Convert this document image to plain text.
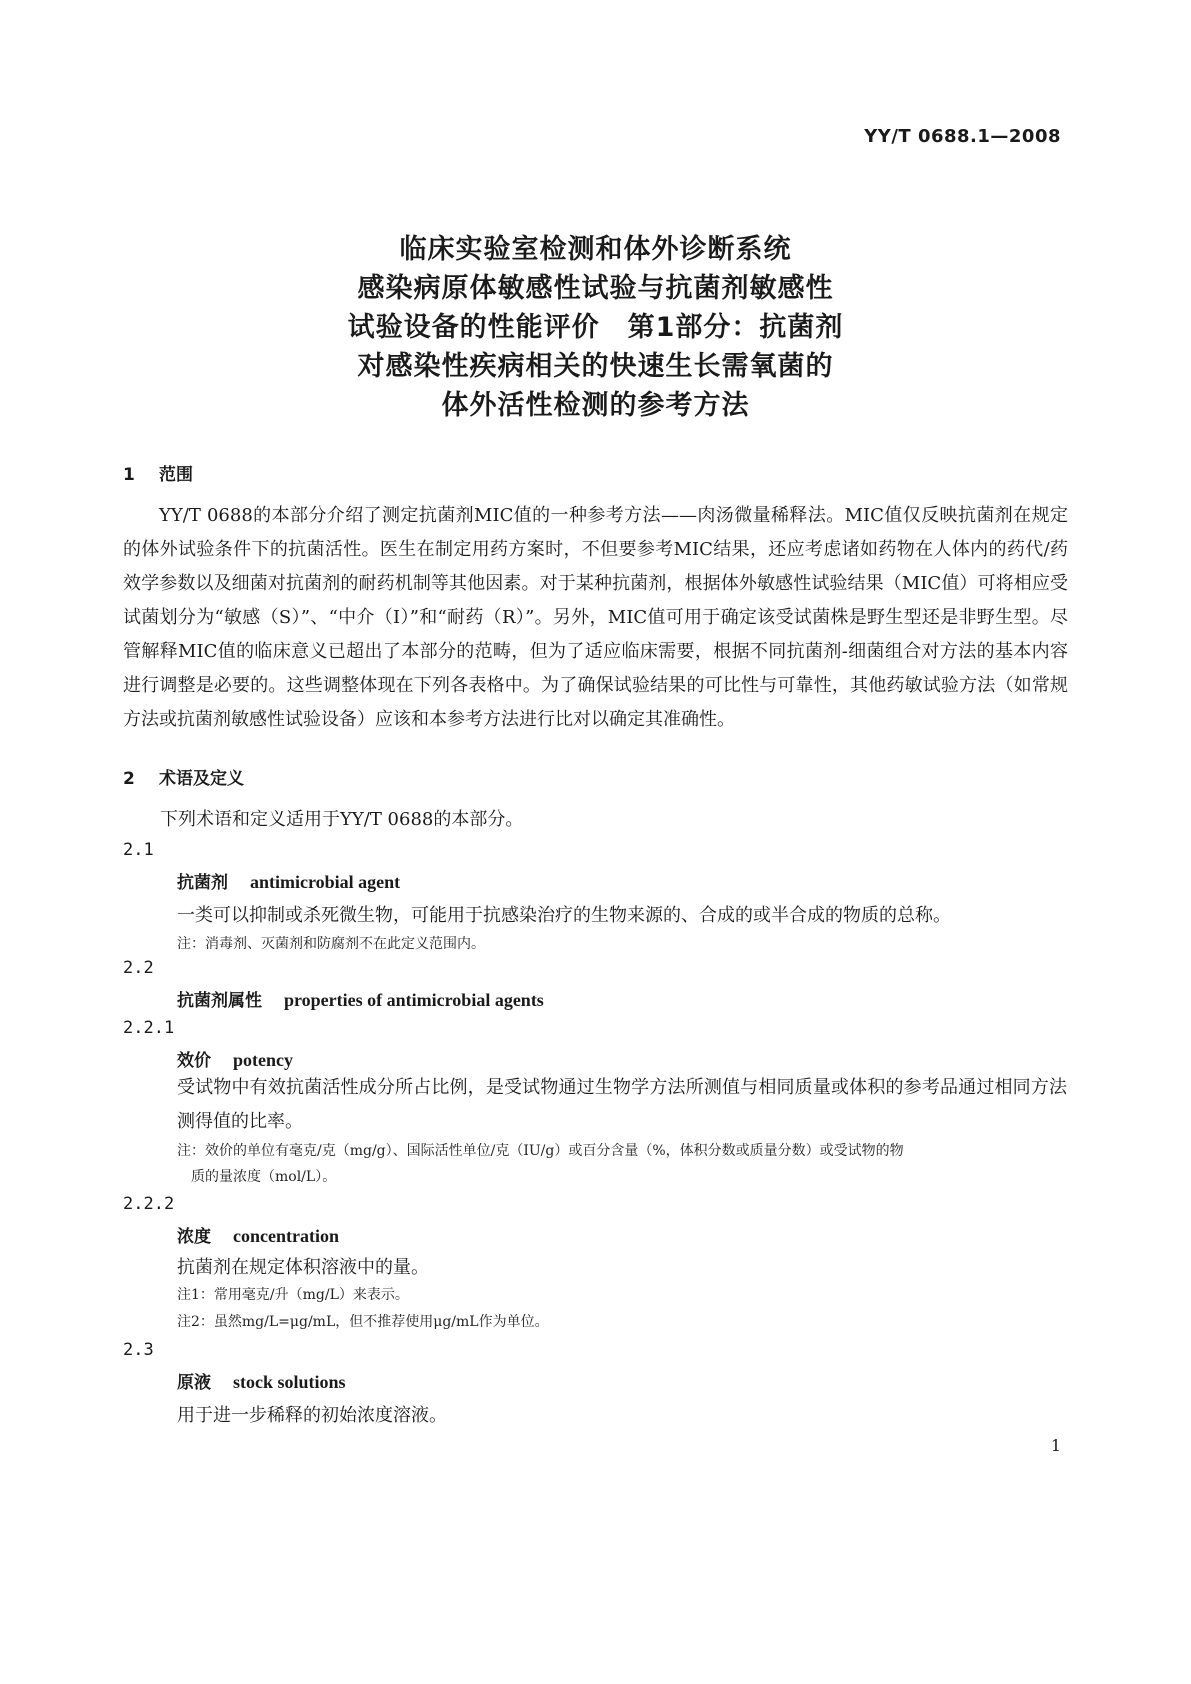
YY/T 0688.1—2008
临床实验室检测和体外诊断系统
感染病原体敏感性试验与抗菌剂敏感性
试验设备的性能评价　第1部分：抗菌剂
对感染性疾病相关的快速生长需氧菌的
体外活性检测的参考方法
1 范围

YY/T 0688的本部分介绍了测定抗菌剂MIC值的一种参考方法——肉汤微量稀释法。MIC值仅反映抗菌剂在规定的体外试验条件下的抗菌活性。医生在制定用药方案时，不但要参考MIC结果，还应考虑诸如药物在人体内的药代/药效学参数以及细菌对抗菌剂的耐药机制等其他因素。对于某种抗菌剂，根据体外敏感性试验结果（MIC值）可将相应受试菌划分为“敏感（S）”、“中介（I）”和“耐药（R）”。另外，MIC值可用于确定该受试菌株是野生型还是非野生型。尽管解释MIC值的临床意义已超出了本部分的范畴，但为了适应临床需要，根据不同抗菌剂-细菌组合对方法的基本内容进行调整是必要的。这些调整体现在下列各表格中。为了确保试验结果的可比性与可靠性，其他药敏试验方法（如常规方法或抗菌剂敏感性试验设备）应该和本参考方法进行比对以确定其准确性。

2 术语及定义
下列术语和定义适用于YY/T 0688的本部分。
2.1
抗菌剂 antimicrobial agent
一类可以抑制或杀死微生物，可能用于抗感染治疗的生物来源的、合成的或半合成的物质的总称。
注：消毒剂、灭菌剂和防腐剂不在此定义范围内。
2.2
抗菌剂属性 properties of antimicrobial agents
2.2.1
效价 potency

受试物中有效抗菌活性成分所占比例，是受试物通过生物学方法所测值与相同质量或体积的参考品通过相同方法测得值的比率。

注：效价的单位有毫克/克（mg/g）、国际活性单位/克（IU/g）或百分含量（%，体积分数或质量分数）或受试物的物
质的量浓度（mol/L）。
2.2.2
浓度 concentration
抗菌剂在规定体积溶液中的量。
注1：常用毫克/升（mg/L）来表示。
注2：虽然mg/L=μg/mL，但不推荐使用μg/mL作为单位。
2.3
原液 stock solutions
用于进一步稀释的初始浓度溶液。
1
